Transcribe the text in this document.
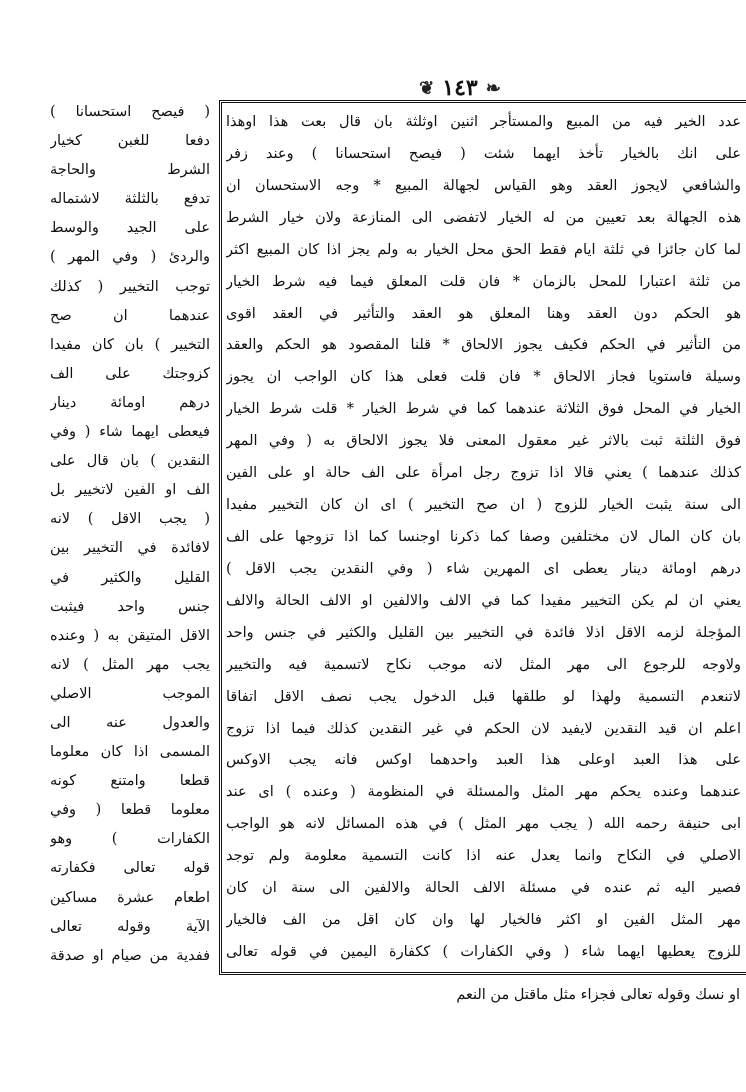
❦ ١٤٣ ❧
عدد الخير فيه من المبيع والمستأجر اثنين اوثلثة بان قال بعت هذا اوهذا
على انك بالخيار تأخذ ايهما شئت ( فيصح استحسانا ) وعند زفر
والشافعي لايجوز العقد وهو القياس لجهالة المبيع * وجه الاستحسان ان
هذه الجهالة بعد تعيين من له الخيار لاتفضى الى المنازعة ولان خيار الشرط
لما كان جائزا في ثلثة ايام فقط الحق محل الخيار به ولم يجز اذا كان المبيع اكثر
من ثلثة اعتبارا للمحل بالزمان * فان قلت المعلق فيما فيه شرط الخيار
هو الحكم دون العقد وهنا المعلق هو العقد والتأثير في العقد اقوى
من التأثير في الحكم فكيف يجوز الالحاق * قلنا المقصود هو الحكم والعقد
وسيلة فاستويا فجاز الالحاق * فان قلت فعلى هذا كان الواجب ان يجوز
الخيار في المحل فوق الثلاثة عندهما كما في شرط الخيار * قلت شرط الخيار
فوق الثلثة ثبت بالاثر غير معقول المعنى فلا يجوز الالحاق به ( وفي المهر
كذلك عندهما ) يعني قالا اذا تزوج رجل امرأة على الف حالة او على الفين
الى سنة يثبت الخيار للزوج ( ان صح التخيير ) اى ان كان التخيير مفيدا
بان كان المال لان مختلفين وصفا كما ذكرنا اوجنسا كما اذا تزوجها على الف
درهم اومائة دينار يعطى اى المهرين شاء ( وفي النقدين يجب الاقل )
يعني ان لم يكن التخيير مفيدا كما في الالف والالفين او الالف الحالة والالف
المؤجلة لزمه الاقل اذلا فائدة في التخيير بين القليل والكثير في جنس واحد
ولاوجه للرجوع الى مهر المثل لانه موجب نكاح لاتسمية فيه والتخيير
لاتنعدم التسمية ولهذا لو طلقها قبل الدخول يجب نصف الاقل اتفاقا
اعلم ان قيد النقدين لايفيد لان الحكم في غير النقدين كذلك فيما اذا تزوج
على هذا العبد اوعلى هذا العبد واحدهما اوكس فانه يجب الاوكس
عندهما وعنده يحكم مهر المثل والمسئلة في المنظومة ( وعنده ) اى عند
ابى حنيفة رحمه الله ( يجب مهر المثل ) في هذه المسائل لانه هو الواجب
الاصلي في النكاح وانما يعدل عنه اذا كانت التسمية معلومة ولم توجد
فصير اليه ثم عنده في مسئلة الالف الحالة والالفين الى سنة ان كان
مهر المثل الفين او اكثر فالخيار لها وان كان اقل من الف فالخيار
للزوج يعطيها ايهما شاء ( وفي الكفارات ) ككفارة اليمين في قوله تعالى
( فيصح استحسانا )
دفعا للغبن كخيار
الشرط والحاجة
تدفع بالثلثة لاشتماله
على الجيد والوسط
والردئ ( وفي المهر )
توجب التخيير ( كذلك
عندهما ان صح
التخيير ) بان كان مفيدا
كزوجتك على الف
درهم اومائة دينار
فيعطى ايهما شاء ( وفي
النقدين ) بان قال على
الف او الفين لاتخيير بل
( يجب الاقل ) لانه
لافائدة في التخيير بين
القليل والكثير في
جنس واحد فيثبت
الاقل المتيقن به ( وعنده
يجب مهر المثل ) لانه
الموجب الاصلي
والعدول عنه الى
المسمى اذا كان معلوما
قطعا وامتنع كونه
معلوما قطعا ( وفي
الكفارات ) وهو
قوله تعالى فكفارته
اطعام عشرة مساكين
الآية وقوله تعالى
ففدية من صيام او صدقة
او نسك وقوله تعالى فجزاء مثل ماقتل من النعم
